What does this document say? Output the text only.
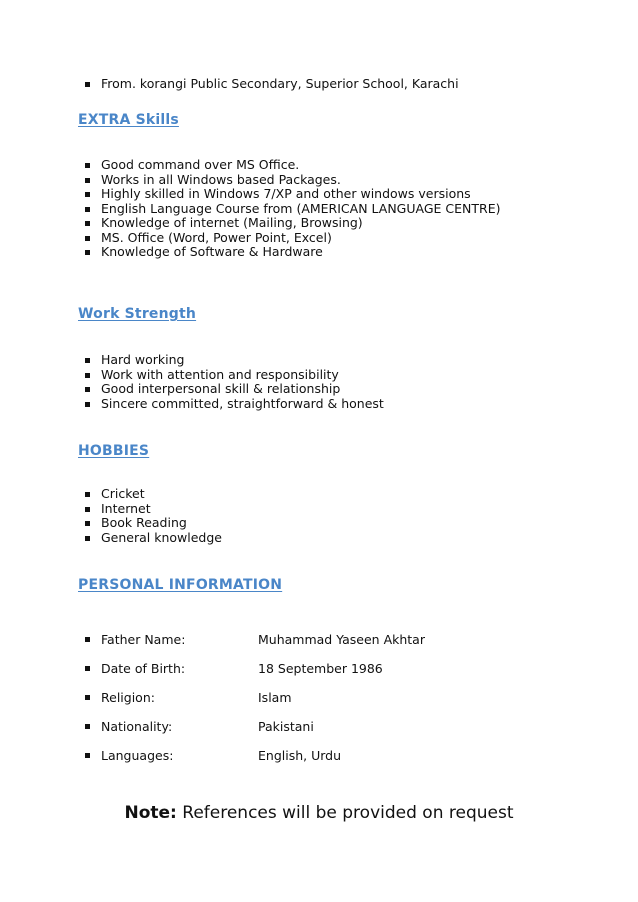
From. korangi Public Secondary, Superior School, Karachi
EXTRA Skills
Good command over MS Office.
Works in all Windows based Packages.
Highly skilled in Windows 7/XP and other windows versions
English Language Course from (AMERICAN LANGUAGE CENTRE)
Knowledge of internet (Mailing, Browsing)
MS. Office (Word, Power Point, Excel)
Knowledge of Software & Hardware
Work Strength
Hard working
Work with attention and responsibility
Good interpersonal skill & relationship
Sincere committed, straightforward & honest
HOBBIES
Cricket
Internet
Book Reading
General knowledge
PERSONAL INFORMATION
Father Name:	Muhammad Yaseen Akhtar
Date of Birth:	18 September 1986
Religion:	Islam
Nationality:	Pakistani
Languages:	English, Urdu
Note: References will be provided on request
